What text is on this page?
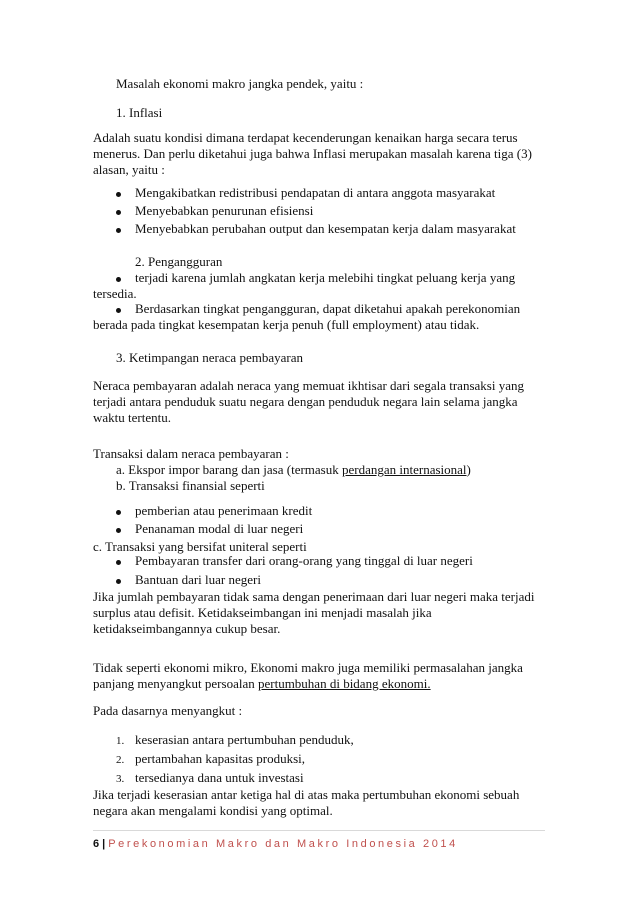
Masalah ekonomi makro jangka pendek, yaitu :
1. Inflasi
Adalah suatu kondisi dimana terdapat kecenderungan kenaikan harga secara terus
menerus. Dan perlu diketahui juga bahwa Inflasi merupakan masalah karena tiga (3)
alasan, yaitu :
Mengakibatkan redistribusi pendapatan di antara anggota masyarakat
Menyebabkan penurunan efisiensi
Menyebabkan perubahan output dan kesempatan kerja dalam masyarakat
2. Pengangguran
terjadi karena jumlah angkatan kerja melebihi tingkat peluang kerja yang
tersedia.
Berdasarkan tingkat pengangguran, dapat diketahui apakah perekonomian
berada pada tingkat kesempatan kerja penuh (full employment) atau tidak.
3. Ketimpangan neraca pembayaran
Neraca pembayaran adalah neraca yang memuat ikhtisar dari segala transaksi yang
terjadi antara penduduk suatu negara dengan penduduk negara lain selama jangka
waktu tertentu.
Transaksi dalam neraca pembayaran :
a. Ekspor impor barang dan jasa (termasuk perdangan internasional)
b. Transaksi finansial seperti
pemberian atau penerimaan kredit
Penanaman modal di luar negeri
c. Transaksi yang bersifat uniteral seperti
Pembayaran transfer dari orang-orang yang tinggal di luar negeri
Bantuan dari luar negeri
Jika jumlah pembayaran tidak sama dengan penerimaan dari luar negeri maka terjadi
surplus atau defisit. Ketidakseimbangan ini menjadi masalah jika
ketidakseimbangannya cukup besar.
Tidak seperti ekonomi mikro, Ekonomi makro juga memiliki permasalahan jangka
panjang menyangkut persoalan pertumbuhan di bidang ekonomi.
Pada dasarnya menyangkut :
1. keserasian antara pertumbuhan penduduk,
2. pertambahan kapasitas produksi,
3. tersedianya dana untuk investasi
Jika terjadi keserasian antar ketiga hal di atas maka pertumbuhan ekonomi sebuah
negara akan mengalami kondisi yang optimal.
6 | Perekonomian Makro dan Makro Indonesia 2014
